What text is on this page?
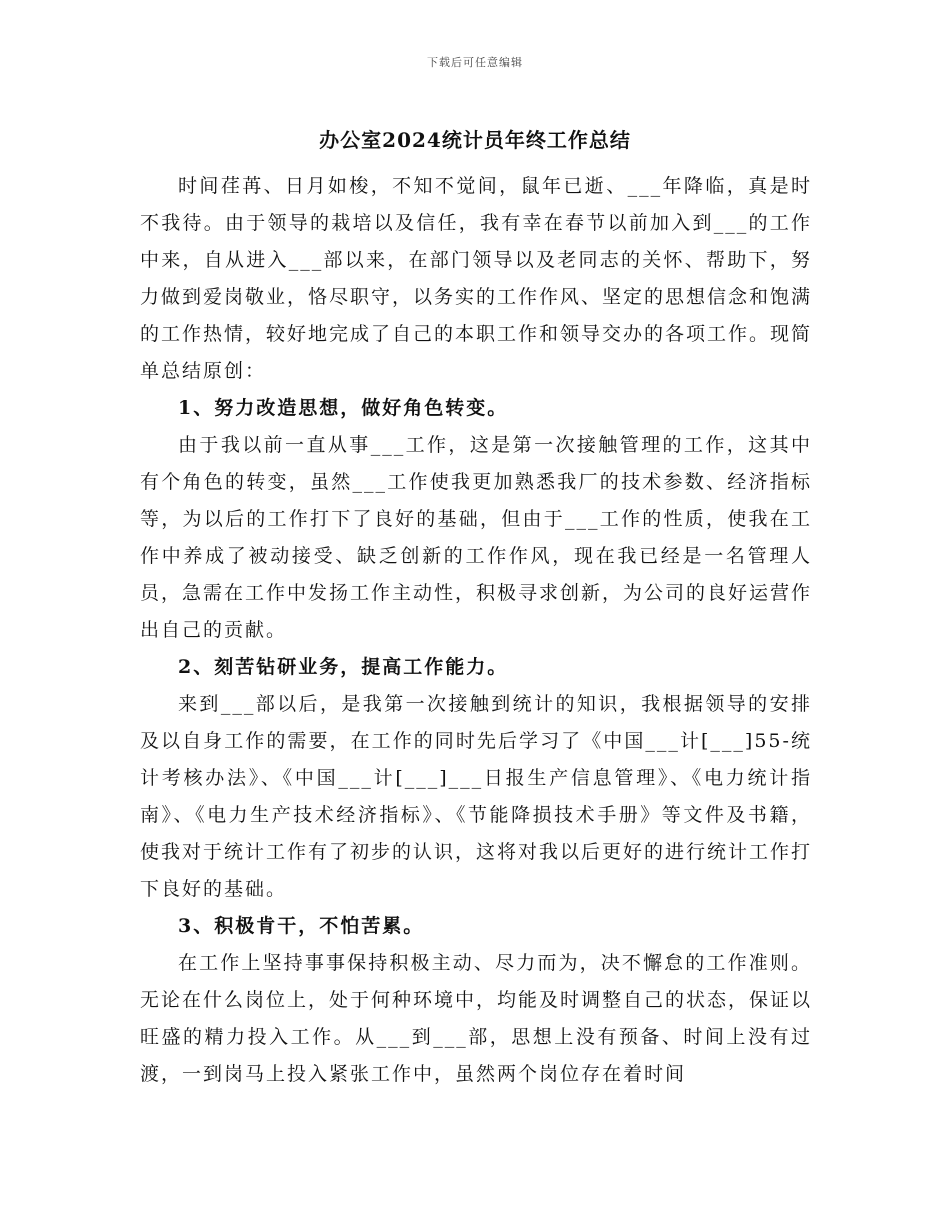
下载后可任意编辑
办公室2024统计员年终工作总结

时间荏苒、日月如梭，不知不觉间，鼠年已逝、___年降临，真是时不我待。由于领导的栽培以及信任，我有幸在春节以前加入到___的工作中来，自从进入___部以来，在部门领导以及老同志的关怀、帮助下，努力做到爱岗敬业，恪尽职守，以务实的工作作风、坚定的思想信念和饱满的工作热情，较好地完成了自己的本职工作和领导交办的各项工作。现简单总结原创：

1、努力改造思想，做好角色转变。

由于我以前一直从事___工作，这是第一次接触管理的工作，这其中有个角色的转变，虽然___工作使我更加熟悉我厂的技术参数、经济指标等，为以后的工作打下了良好的基础，但由于___工作的性质，使我在工作中养成了被动接受、缺乏创新的工作作风，现在我已经是一名管理人员，急需在工作中发扬工作主动性，积极寻求创新，为公司的良好运营作出自己的贡献。

2、刻苦钻研业务，提高工作能力。

来到___部以后，是我第一次接触到统计的知识，我根据领导的安排及以自身工作的需要，在工作的同时先后学习了《中国___计[___]55-统计考核办法》、《中国___计[___]___日报生产信息管理》、《电力统计指南》、《电力生产技术经济指标》、《节能降损技术手册》等文件及书籍，使我对于统计工作有了初步的认识，这将对我以后更好的进行统计工作打下良好的基础。

3、积极肯干，不怕苦累。

在工作上坚持事事保持积极主动、尽力而为，决不懈怠的工作准则。无论在什么岗位上，处于何种环境中，均能及时调整自己的状态，保证以旺盛的精力投入工作。从___到___部，思想上没有预备、时间上没有过渡，一到岗马上投入紧张工作中，虽然两个岗位存在着时间
